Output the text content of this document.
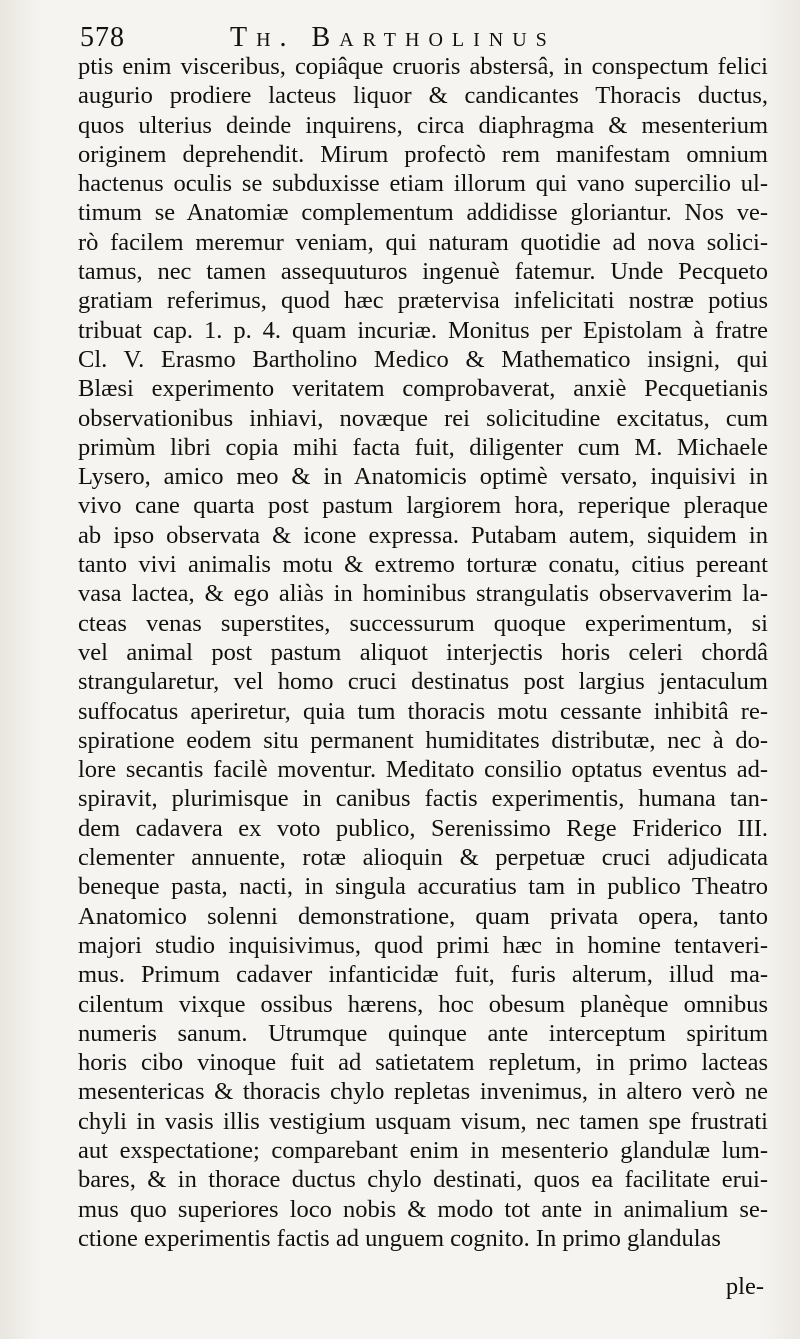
578	Th. Bartholinus
ptis enim visceribus, copiâque cruoris abstersâ, in conspectum felici
augurio prodiere lacteus liquor & candicantes Thoracis ductus,
quos ulterius deinde inquirens, circa diaphragma & mesenterium
originem deprehendit. Mirum profectò rem manifestam omnium
hactenus oculis se subduxisse etiam illorum qui vano supercilio ul-
timum se Anatomiæ complementum addidisse gloriantur. Nos ve-
rò facilem meremur veniam, qui naturam quotidie ad nova solici-
tamus, nec tamen assequuturos ingenuè fatemur. Unde Pecqueto
gratiam referimus, quod hæc prætervisa infelicitati nostræ potius
tribuat cap. 1. p. 4. quam incuriæ. Monitus per Epistolam à fratre
Cl. V. Erasmo Bartholino Medico & Mathematico insigni, qui
Blæsi experimento veritatem comprobaverat, anxiè Pecquetianis
observationibus inhiavi, novæque rei solicitudine excitatus, cum
primùm libri copia mihi facta fuit, diligenter cum M. Michaele
Lysero, amico meo & in Anatomicis optimè versato, inquisivi in
vivo cane quarta post pastum largiorem hora, reperique pleraque
ab ipso observata & icone expressa. Putabam autem, siquidem in
tanto vivi animalis motu & extremo torturæ conatu, citius pereant
vasa lactea, & ego aliàs in hominibus strangulatis observaverim la-
cteas venas superstites, successurum quoque experimentum, si
vel animal post pastum aliquot interjectis horis celeri chordâ
strangularetur, vel homo cruci destinatus post largius jentaculum
suffocatus aperiretur, quia tum thoracis motu cessante inhibitâ re-
spiratione eodem situ permanent humiditates distributæ, nec à do-
lore secantis facilè moventur. Meditato consilio optatus eventus ad-
spiravit, plurimisque in canibus factis experimentis, humana tan-
dem cadavera ex voto publico, Serenissimo Rege Friderico III.
clementer annuente, rotæ alioquin & perpetuæ cruci adjudicata
beneque pasta, nacti, in singula accuratius tam in publico Theatro
Anatomico solenni demonstratione, quam privata opera, tanto
majori studio inquisivimus, quod primi hæc in homine tentaveri-
mus. Primum cadaver infanticidæ fuit, furis alterum, illud ma-
cilentum vixque ossibus hærens, hoc obesum planèque omnibus
numeris sanum. Utrumque quinque ante interceptum spiritum
horis cibo vinoque fuit ad satietatem repletum, in primo lacteas
mesentericas & thoracis chylo repletas invenimus, in altero verò ne
chyli in vasis illis vestigium usquam visum, nec tamen spe frustrati
aut exspectatione; comparebant enim in mesenterio glandulæ lum-
bares, & in thorace ductus chylo destinati, quos ea facilitate erui-
mus quo superiores loco nobis & modo tot ante in animalium se-
ctione experimentis factis ad unguem cognito. In primo glandulas
ple-
